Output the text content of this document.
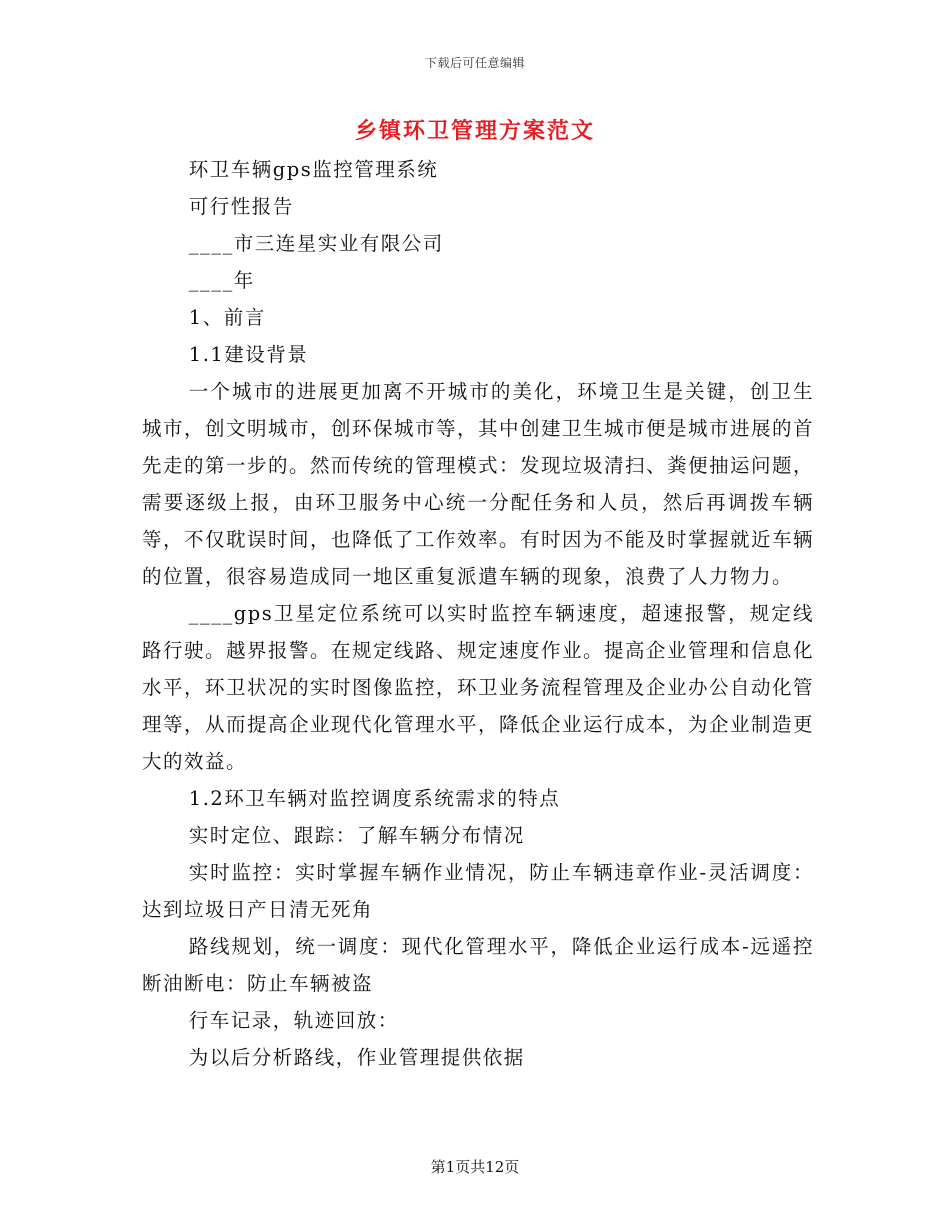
下载后可任意编辑
乡镇环卫管理方案范文

环卫车辆gps监控管理系统

可行性报告

____市三连星实业有限公司

____年

1、前言

1.1建设背景

一个城市的进展更加离不开城市的美化，环境卫生是关键，创卫生城市，创文明城市，创环保城市等，其中创建卫生城市便是城市进展的首先走的第一步的。然而传统的管理模式：发现垃圾清扫、粪便抽运问题，需要逐级上报，由环卫服务中心统一分配任务和人员，然后再调拨车辆等，不仅耽误时间，也降低了工作效率。有时因为不能及时掌握就近车辆的位置，很容易造成同一地区重复派遣车辆的现象，浪费了人力物力。

____gps卫星定位系统可以实时监控车辆速度，超速报警，规定线路行驶。越界报警。在规定线路、规定速度作业。提高企业管理和信息化水平，环卫状况的实时图像监控，环卫业务流程管理及企业办公自动化管理等，从而提高企业现代化管理水平，降低企业运行成本，为企业制造更大的效益。

1.2环卫车辆对监控调度系统需求的特点

实时定位、跟踪：了解车辆分布情况

实时监控：实时掌握车辆作业情况，防止车辆违章作业-灵活调度：达到垃圾日产日清无死角

路线规划，统一调度：现代化管理水平，降低企业运行成本-远遥控断油断电：防止车辆被盗

行车记录，轨迹回放：

为以后分析路线，作业管理提供依据

第1页共12页
